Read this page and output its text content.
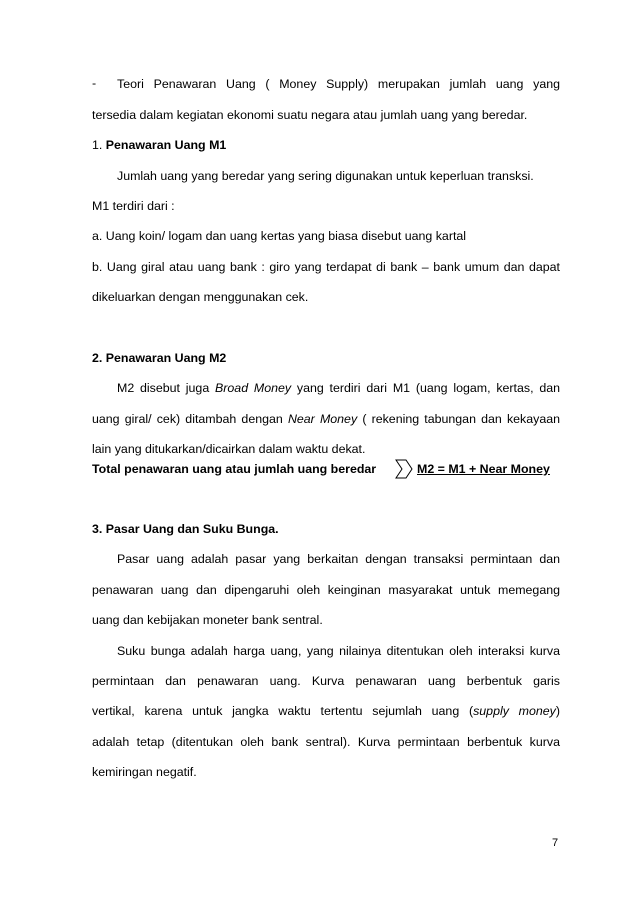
- Teori Penawaran Uang ( Money Supply) merupakan jumlah uang yang
tersedia dalam kegiatan ekonomi suatu negara atau jumlah uang yang beredar.
1. Penawaran Uang M1
Jumlah uang yang beredar yang sering digunakan untuk keperluan transksi.
M1 terdiri dari :
a. Uang koin/ logam dan uang kertas yang biasa disebut uang kartal
b. Uang giral atau uang bank : giro yang terdapat di bank – bank umum dan dapat
dikeluarkan dengan menggunakan cek.
2. Penawaran Uang M2
M2 disebut juga Broad Money yang terdiri dari M1 (uang logam, kertas, dan
uang giral/ cek) ditambah dengan Near Money ( rekening tabungan dan kekayaan
lain yang ditukarkan/dicairkan dalam waktu dekat.
Total penawaran uang atau jumlah uang beredar	M2 = M1 + Near Money
3. Pasar Uang dan Suku Bunga.
Pasar uang adalah pasar yang berkaitan dengan transaksi permintaan dan
penawaran uang dan dipengaruhi oleh keinginan masyarakat untuk memegang
uang dan kebijakan moneter bank sentral.
Suku bunga adalah harga uang, yang nilainya ditentukan oleh interaksi kurva
permintaan dan penawaran uang. Kurva penawaran uang berbentuk garis
vertikal, karena untuk jangka waktu tertentu sejumlah uang (supply money)
adalah tetap (ditentukan oleh bank sentral). Kurva permintaan berbentuk kurva
kemiringan negatif.
7
